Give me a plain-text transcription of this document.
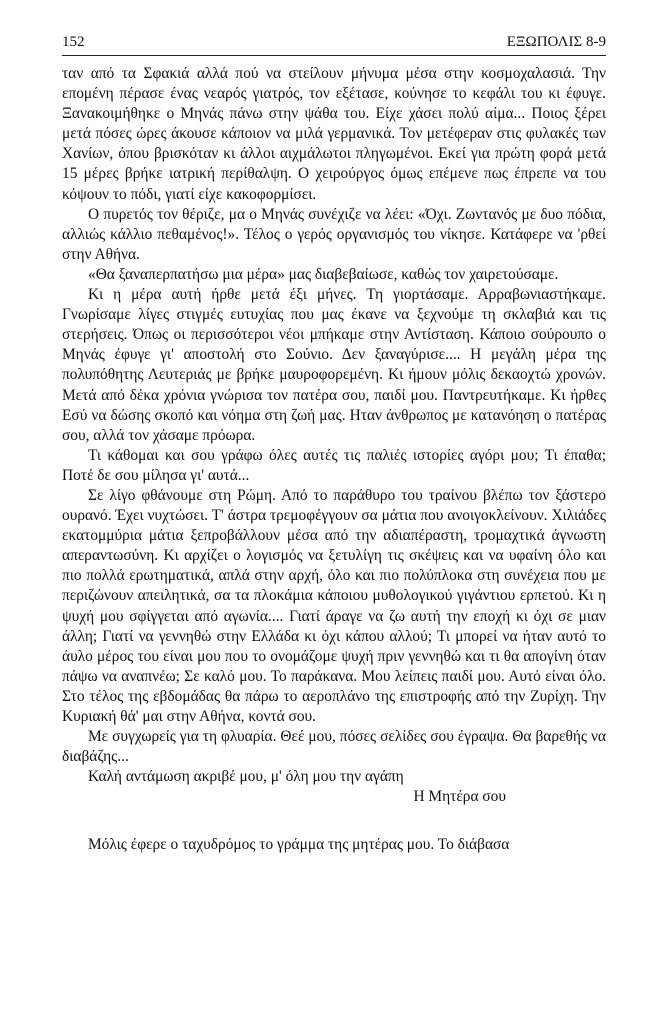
152	ΕΞΩΠΟΛΙΣ 8-9

ταν από τα Σφακιά αλλά πού να στείλουν μήνυμα μέσα στην κοσμοχαλασιά. Την επομένη πέρασε ένας νεαρός γιατρός, τον εξέτασε, κούνησε το κεφάλι του κι έφυγε. Ξανακοιμήθηκε ο Μηνάς πάνω στην ψάθα του. Είχε χάσει πολύ αίμα... Ποιος ξέρει μετά πόσες ώρες άκουσε κάποιον να μιλά γερμανικά. Τον μετέφεραν στις φυλακές των Χανίων, όπου βρισκόταν κι άλλοι αιχμάλωτοι πληγωμένοι. Εκεί για πρώτη φορά μετά 15 μέρες βρήκε ιατρική περίθαλψη. Ο χειρούργος όμως επέμενε πως έπρεπε να του κόψουν το πόδι, γιατί είχε κακοφορμίσει.

Ο πυρετός τον θέριζε, μα ο Μηνάς συνέχιζε να λέει: «Όχι. Ζωντανός με δυο πόδια, αλλιώς κάλλιο πεθαμένος!». Τέλος ο γερός οργανισμός του νίκησε. Κατάφερε να 'ρθεί στην Αθήνα.

«Θα ξαναπερπατήσω μια μέρα» μας διαβεβαίωσε, καθώς τον χαιρετούσαμε.

Κι η μέρα αυτή ήρθε μετά έξι μήνες. Τη γιορτάσαμε. Αρραβωνιαστήκαμε. Γνωρίσαμε λίγες στιγμές ευτυχίας που μας έκανε να ξεχνούμε τη σκλαβιά και τις στερήσεις. Όπως οι περισσότεροι νέοι μπήκαμε στην Αντίσταση. Κάποιο σούρουπο ο Μηνάς έφυγε γι' αποστολή στο Σούνιο. Δεν ξαναγύρισε.... Η μεγάλη μέρα της πολυπόθητης Λευτεριάς με βρήκε μαυροφορεμένη. Κι ήμουν μόλις δεκαοχτώ χρονών. Μετά από δέκα χρόνια γνώρισα τον πατέρα σου, παιδί μου. Παντρευτήκαμε. Κι ήρθες Εσύ να δώσης σκοπό και νόημα στη ζωή μας. Ηταν άνθρωπος με κατανόηση ο πατέρας σου, αλλά τον χάσαμε πρόωρα.

Τι κάθομαι και σου γράφω όλες αυτές τις παλιές ιστορίες αγόρι μου; Τι έπαθα; Ποτέ δε σου μίλησα γι' αυτά...

Σε λίγο φθάνουμε στη Ρώμη. Από το παράθυρο του τραίνου βλέπω τον ξάστερο ουρανό. Έχει νυχτώσει. Τ' άστρα τρεμοφέγγουν σα μάτια που ανοιγοκλείνουν. Χιλιάδες εκατομμύρια μάτια ξεπροβάλλουν μέσα από την αδιαπέραστη, τρομαχτικά άγνωστη απεραντωσύνη. Κι αρχίζει ο λογισμός να ξετυλίγη τις σκέψεις και να υφαίνη όλο και πιο πολλά ερωτηματικά, απλά στην αρχή, όλο και πιο πολύπλοκα στη συνέχεια που με περιζώνουν απειλητικά, σα τα πλοκάμια κάποιου μυθολογικού γιγάντιου ερπετού. Κι η ψυχή μου σφίγγεται από αγωνία.... Γιατί άραγε να ζω αυτή την εποχή κι όχι σε μιαν άλλη; Γιατί να γεννηθώ στην Ελλάδα κι όχι κάπου αλλού; Τι μπορεί να ήταν αυτό το άυλο μέρος του είναι μου που το ονομάζομε ψυχή πριν γεννηθώ και τι θα απογίνη όταν πάψω να αναπνέω; Σε καλό μου. Το παράκανα. Μου λείπεις παιδί μου. Αυτό είναι όλο. Στο τέλος της εβδομάδας θα πάρω το αεροπλάνο της επιστροφής από την Ζυρίχη. Την Κυριακή θά' μαι στην Αθήνα, κοντά σου.

Με συγχωρείς για τη φλυαρία. Θεέ μου, πόσες σελίδες σου έγραψα. Θα βαρεθής να διαβάζης...

Καλή αντάμωση ακριβέ μου, μ' όλη μου την αγάπη

Η Μητέρα σου

Μόλις έφερε ο ταχυδρόμος το γράμμα της μητέρας μου. Το διάβασα
